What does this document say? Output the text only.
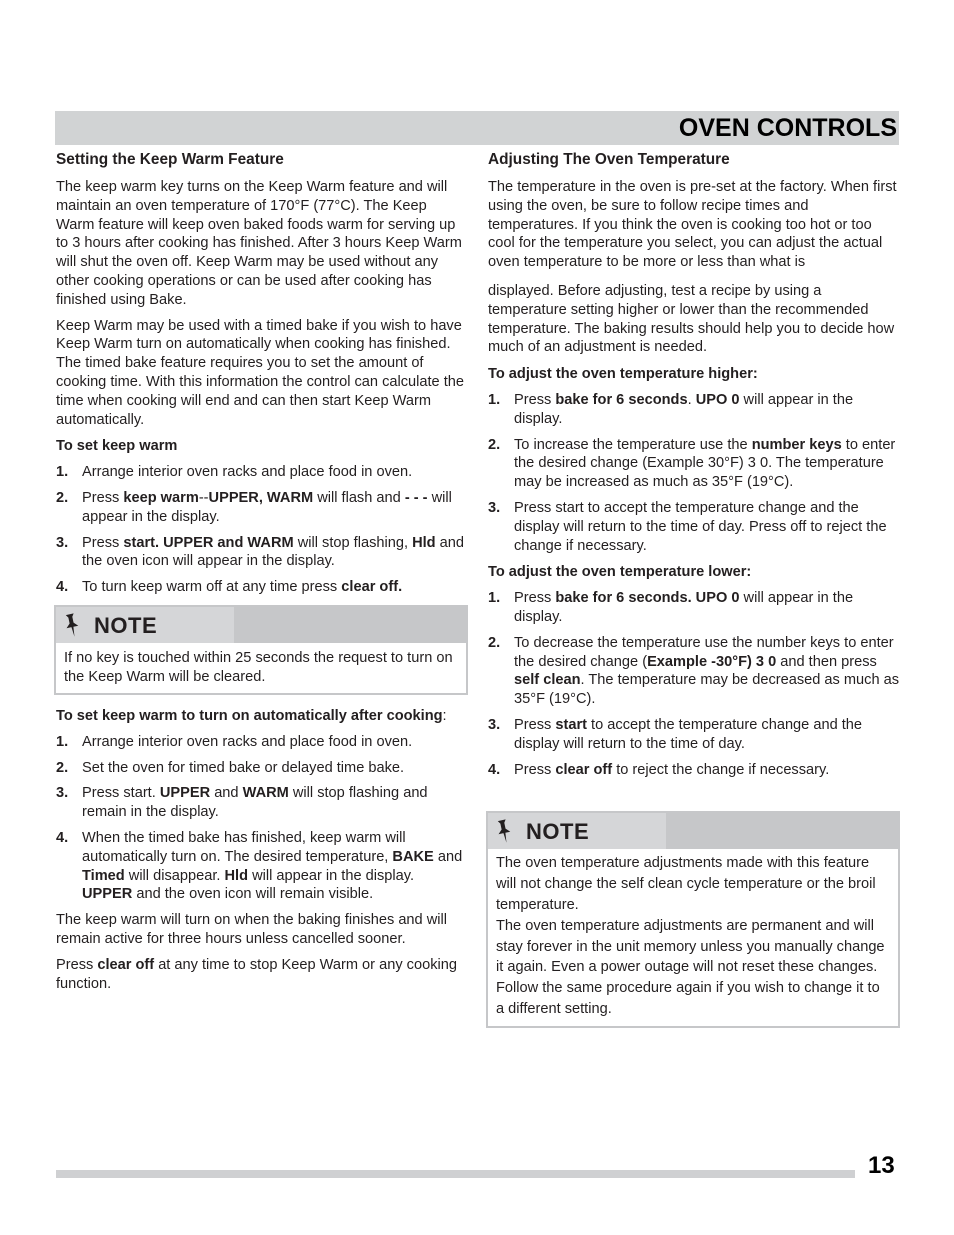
OVEN CONTROLS
Setting the Keep Warm Feature

The keep warm key turns on the Keep Warm feature and will maintain an oven temperature of 170°F (77°C). The Keep Warm feature will keep oven baked foods warm for serving up to 3 hours after cooking has finished. After 3 hours Keep Warm will shut the oven off. Keep Warm may be used without any other cooking operations or can be used after cooking has finished using Bake.

Keep Warm may be used with a timed bake if you wish to have Keep Warm turn on automatically when cooking has finished. The timed bake feature requires you to set the amount of cooking time. With this information the control can calculate the time when cooking will end and can then start Keep Warm automatically.

To set keep warm
1. Arrange interior oven racks and place food in oven.
2. Press keep warm--UPPER, WARM will flash and - - - will appear in the display.
3. Press start. UPPER and WARM will stop flashing, Hld and the oven icon will appear in the display.
4. To turn keep warm off at any time press clear off.
NOTE
If no key is touched within 25 seconds the request to turn on the Keep Warm will be cleared.
To set keep warm to turn on automatically after cooking:
1. Arrange interior oven racks and place food in oven.
2. Set the oven for timed bake or delayed time bake.
3. Press start. UPPER and WARM will stop flashing and remain in the display.
4. When the timed bake has finished, keep warm will automatically turn on. The desired temperature, BAKE and Timed will disappear. Hld will appear in the display. UPPER and the oven icon will remain visible.

The keep warm will turn on when the baking finishes and will remain active for three hours unless cancelled sooner.

Press clear off at any time to stop Keep Warm or any cooking function.

Adjusting The Oven Temperature

The temperature in the oven is pre-set at the factory. When first using the oven, be sure to follow recipe times and temperatures. If you think the oven is cooking too hot or too cool for the temperature you select, you can adjust the actual oven temperature to be more or less than what is

displayed. Before adjusting, test a recipe by using a temperature setting higher or lower than the recommended temperature. The baking results should help you to decide how much of an adjustment is needed.

To adjust the oven temperature higher:
1. Press bake for 6 seconds. UPO 0 will appear in the display.
2. To increase the temperature use the number keys to enter the desired change (Example 30°F) 3 0. The temperature may be increased as much as 35°F (19°C).
3. Press start to accept the temperature change and the display will return to the time of day. Press off to reject the change if necessary.
To adjust the oven temperature lower:
1. Press bake for 6 seconds. UPO 0 will appear in the display.
2. To decrease the temperature use the number keys to enter the desired change (Example -30°F) 3 0 and then press self clean. The temperature may be decreased as much as 35°F (19°C).
3. Press start to accept the temperature change and the display will return to the time of day.
4. Press clear off to reject the change if necessary.
NOTE
The oven temperature adjustments made with this feature will not change the self clean cycle temperature or the broil temperature.
The oven temperature adjustments are permanent and will stay forever in the unit memory unless you manually change it again. Even a power outage will not reset these changes. Follow the same procedure again if you wish to change it to a different setting.
13
